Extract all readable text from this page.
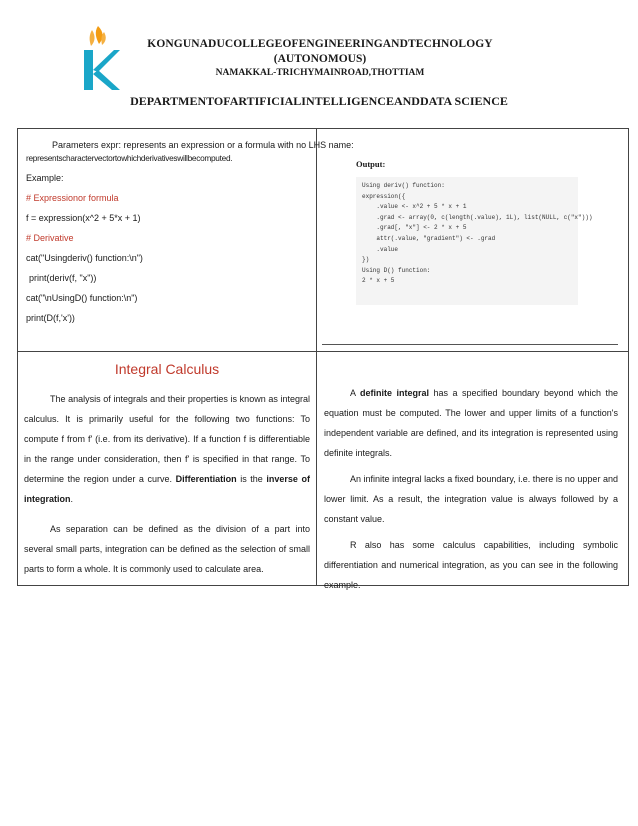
KONGUNADUCOLLEGEOFENGINEERINGANDTECHNOLOGY
(AUTONOMOUS)
NAMAKKAL-TRICHYMAINROAD,THOTTIAM
DEPARTMENTOFARTIFICIALINTELLIGENCEANDDATA SCIENCE

Parameters expr: represents an expression or a formula with no LHS name:

representscharactervectortowhichderivativeswillbecomputed.

Example:

# Expressionor formula

f = expression(x^2 + 5*x + 1)

# Derivative

cat("Usingderiv() function:\n")

print(deriv(f, "x"))

cat("\nUsingD() function:\n")

print(D(f,'x'))

Output:
Using deriv() function:
expression({
.value <- x^2 + 5 * x + 1
.grad <- array(0, c(length(.value), 1L), list(NULL, c("x")))
.grad[, "x"] <- 2 * x + 5
attr(.value, "gradient") <- .grad
.value
})
Using D() function:
2 * x + 5
Integral Calculus

The analysis of integrals and their properties is known as integral calculus. It is primarily useful for the following two functions: To compute f from f' (i.e. from its derivative). If a function f is differentiable in the range under consideration, then f' is specified in that range. To determine the region under a curve. Differentiation is the inverse of integration.

As separation can be defined as the division of a part into several small parts, integration can be defined as the selection of small parts to form a whole. It is commonly used to calculate area.

A definite integral has a specified boundary beyond which the equation must be computed. The lower and upper limits of a function's independent variable are defined, and its integration is represented using definite integrals.

An infinite integral lacks a fixed boundary, i.e. there is no upper and lower limit. As a result, the integration value is always followed by a constant value.

R also has some calculus capabilities, including symbolic differentiation and numerical integration, as you can see in the following example.
